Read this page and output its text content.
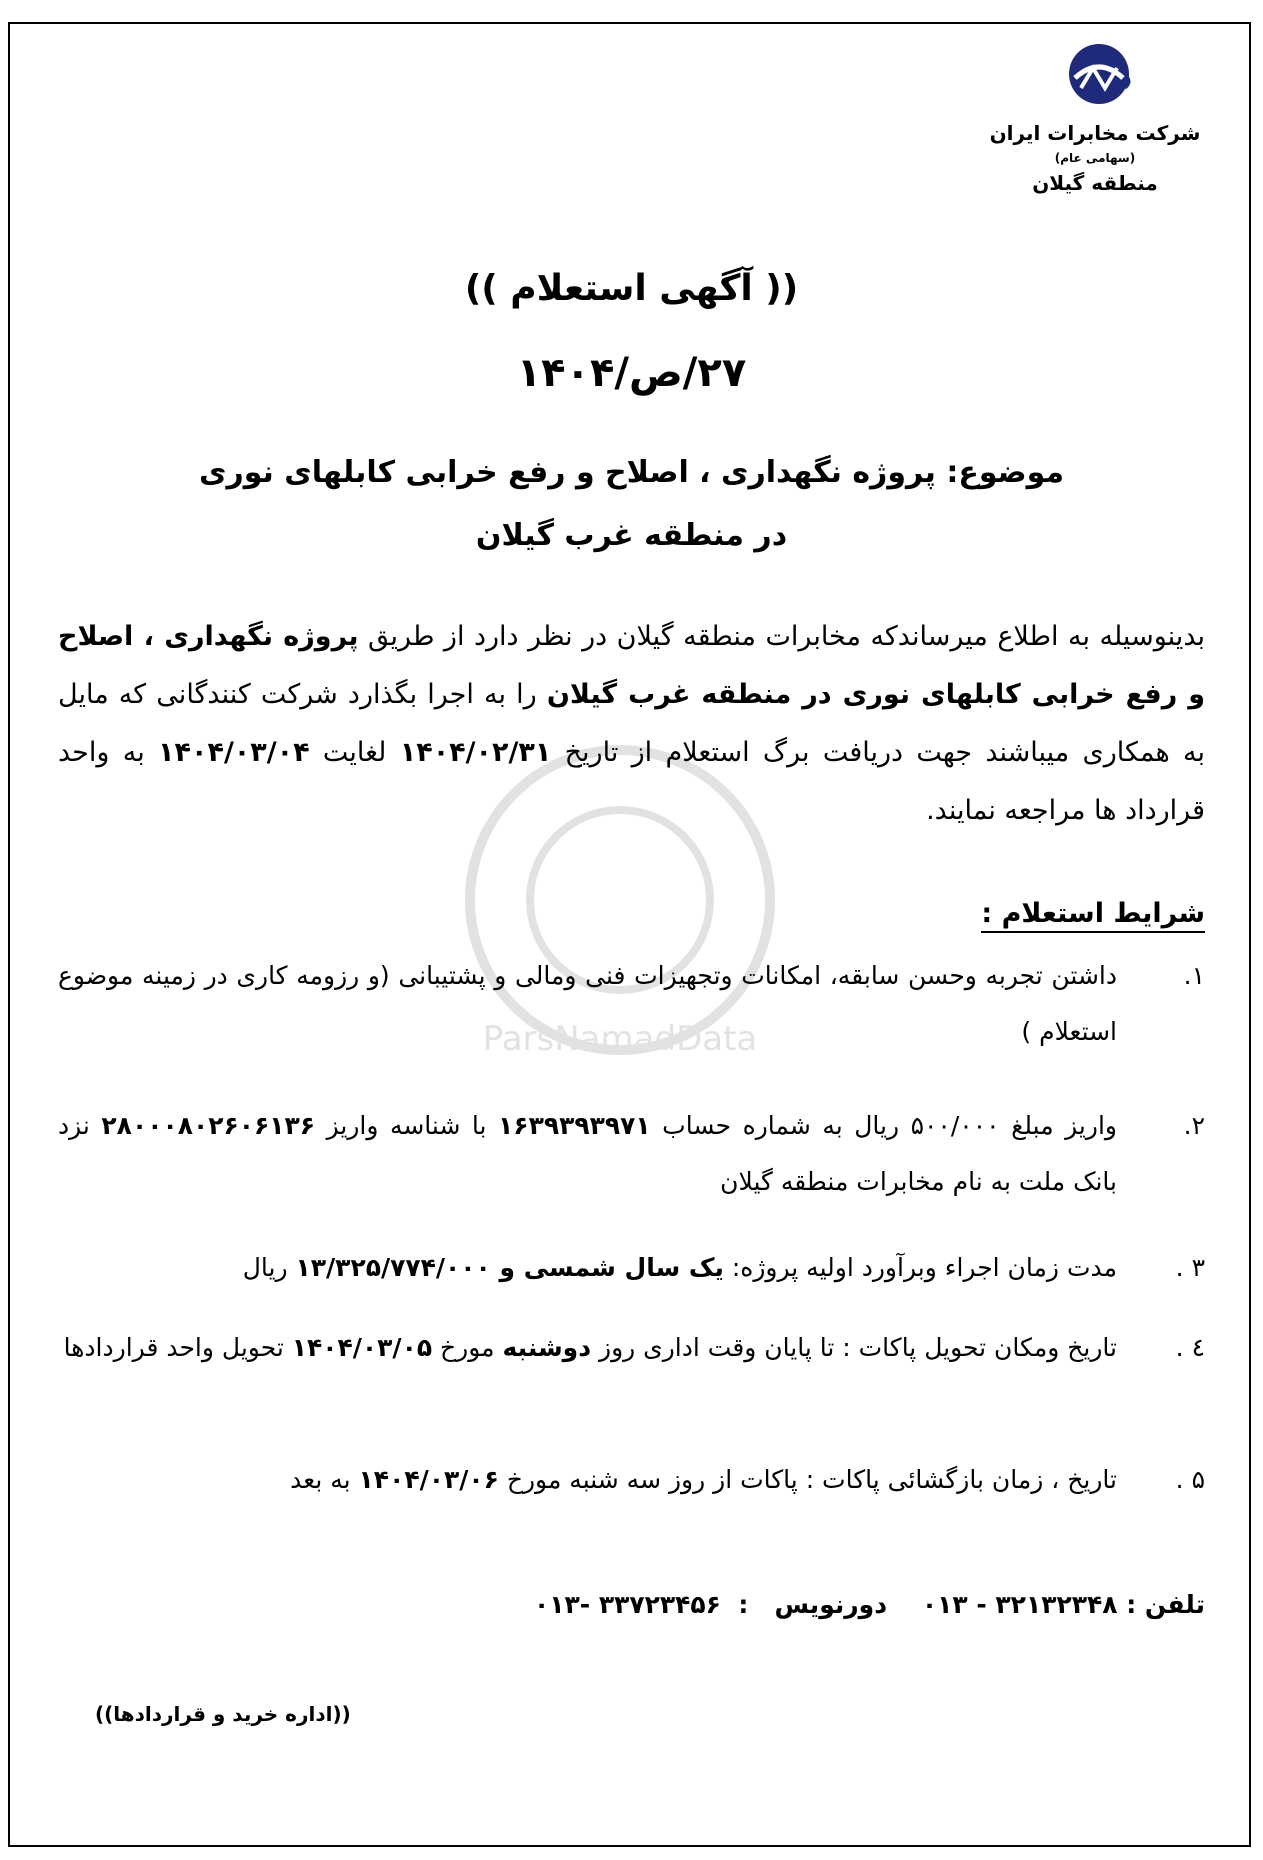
شرکت مخابرات ایران
(سهامی عام)
منطقه گیلان
ParsNamadData
(( آگهی استعلام ))
۲۷/ص/۱۴۰۴
موضوع: پروژه نگهداری ، اصلاح و رفع خرابی کابلهای نوری
در منطقه غرب گیلان
بدینوسیله به اطلاع میرساندکه مخابرات منطقه گیلان در نظر دارد از طریق پروژه نگهداری ، اصلاح و رفع خرابی کابلهای نوری در منطقه غرب گیلان را به اجرا بگذارد شرکت کنندگانی که مایل به همکاری میباشند جهت دریافت برگ استعلام از تاریخ ۱۴۰۴/۰۲/۳۱ لغایت ۱۴۰۴/۰۳/۰۴ به واحد قرارداد ها مراجعه نمایند.
شرایط استعلام :
۱.
داشتن تجربه وحسن سابقه، امکانات وتجهیزات فنی ومالی و پشتیبانی (و رزومه کاری در زمینه موضوع استعلام )
۲.
واریز مبلغ ۵۰۰/۰۰۰ ریال به شماره حساب ۱۶۳۹۳۹۳۹۷۱ با شناسه واریز ۲۸۰۰۰۸۰۲۶۰۶۱۳۶ نزد بانک ملت به نام مخابرات منطقه گیلان
۳ .
مدت زمان اجراء وبرآورد اولیه پروژه: یک سال شمسی و ۱۳/۳۲۵/۷۷۴/۰۰۰ ریال
٤ .
تاریخ ومکان تحویل پاکات : تا پایان وقت اداری روز دوشنبه مورخ ۱۴۰۴/۰۳/۰۵ تحویل واحد قراردادها
۵ .
تاریخ ، زمان بازگشائی پاکات : پاکات از روز سه شنبه مورخ ۱۴۰۴/۰۳/۰۶ به بعد
تلفن : ۳۲۱۳۲۳۴۸ - ۰۱۳    دورنویس   :  ۳۳۷۲۳۴۵۶ -۰۱۳
((اداره خرید و قراردادها))
